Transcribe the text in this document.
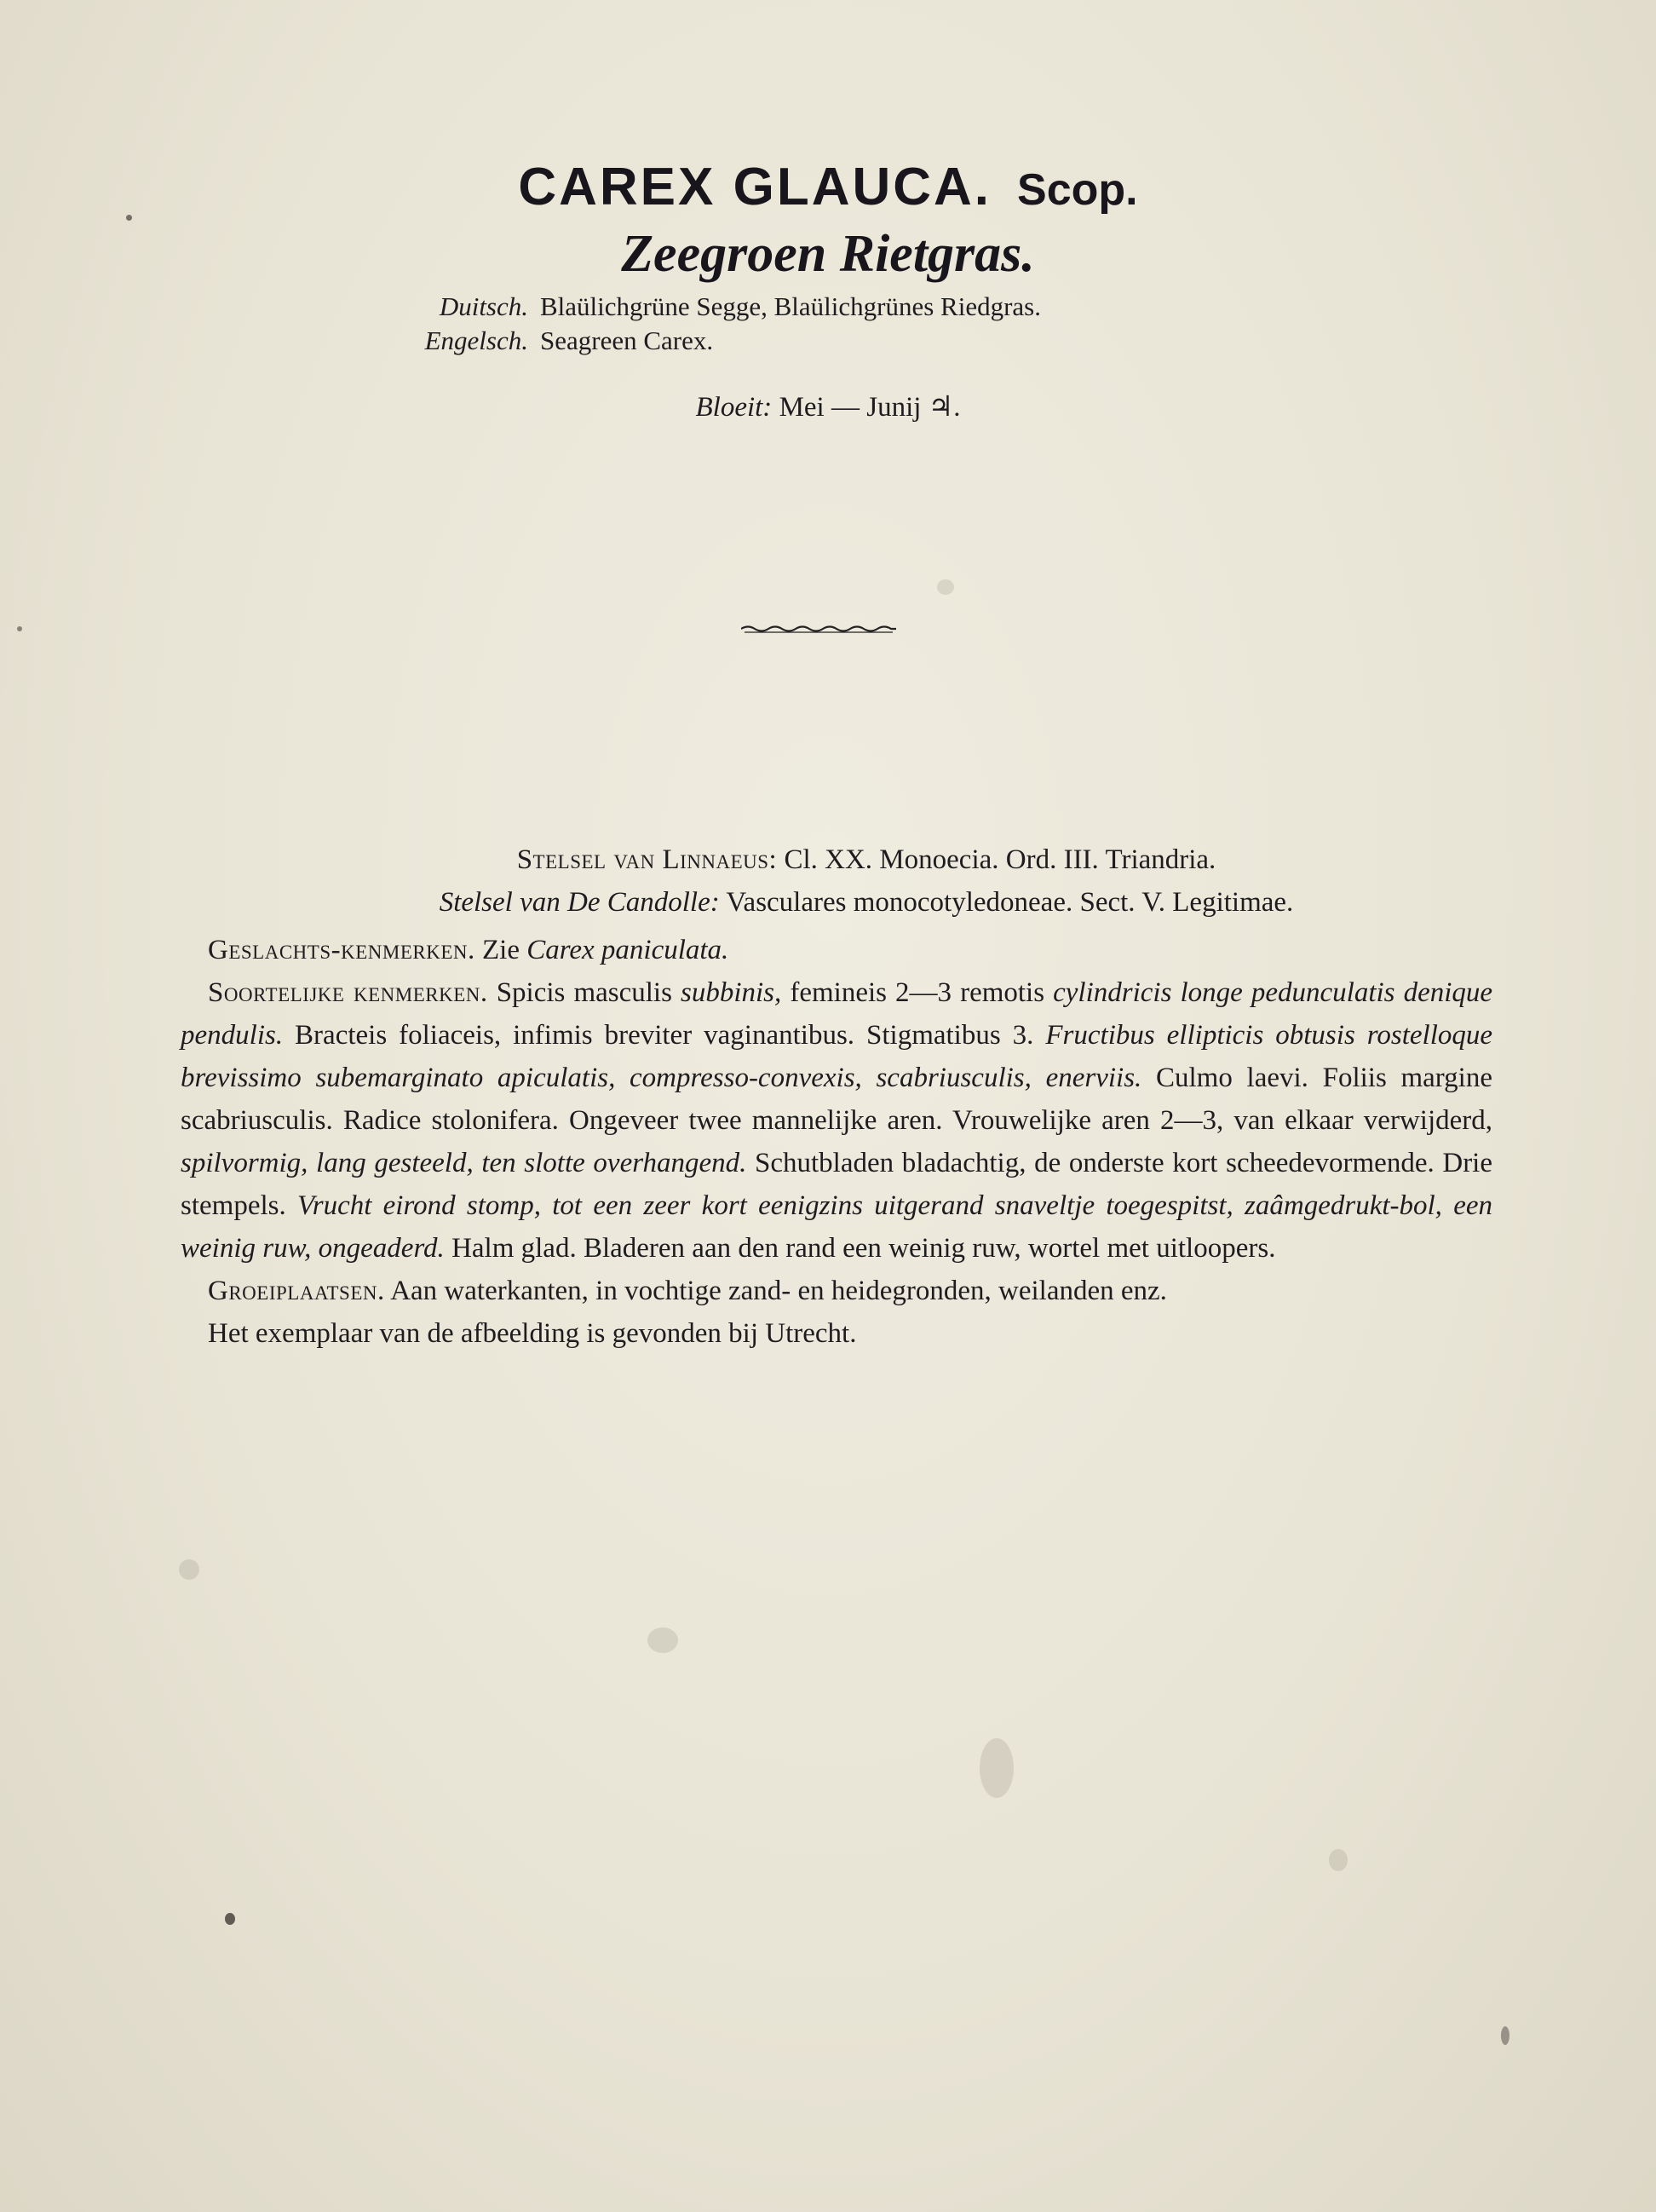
CAREX GLAUCA. Scop.
Zeegroen Rietgras.
Duitsch. Blaülichgrüne Segge, Blaülichgrünes Riedgras.
Engelsch. Seagreen Carex.
Bloeit: Mei — Junij ♃.
Stelsel van Linnaeus: Cl. XX. Monoecia. Ord. III. Triandria.
Stelsel van De Candolle: Vasculares monocotyledoneae. Sect. V. Legitimae.

Geslachts-kenmerken. Zie Carex paniculata.

Soortelijke kenmerken. Spicis masculis subbinis, femineis 2—3 remotis cylindricis longe pedunculatis denique pendulis. Bracteis foliaceis, infimis breviter vaginantibus. Stigmatibus 3. Fructibus ellipticis obtusis rostelloque brevissimo subemarginato apiculatis, compresso-convexis, scabriusculis, enerviis. Culmo laevi. Foliis margine scabriusculis. Radice stolonifera. Ongeveer twee mannelijke aren. Vrouwelijke aren 2—3, van elkaar verwijderd, spilvormig, lang gesteeld, ten slotte overhangend. Schutbladen bladachtig, de onderste kort scheedevormende. Drie stempels. Vrucht eirond stomp, tot een zeer kort eenigzins uitgerand snaveltje toegespitst, zaâmgedrukt-bol, een weinig ruw, ongeaderd. Halm glad. Bladeren aan den rand een weinig ruw, wortel met uitloopers.

Groeiplaatsen. Aan waterkanten, in vochtige zand- en heidegronden, weilanden enz.

Het exemplaar van de afbeelding is gevonden bij Utrecht.
